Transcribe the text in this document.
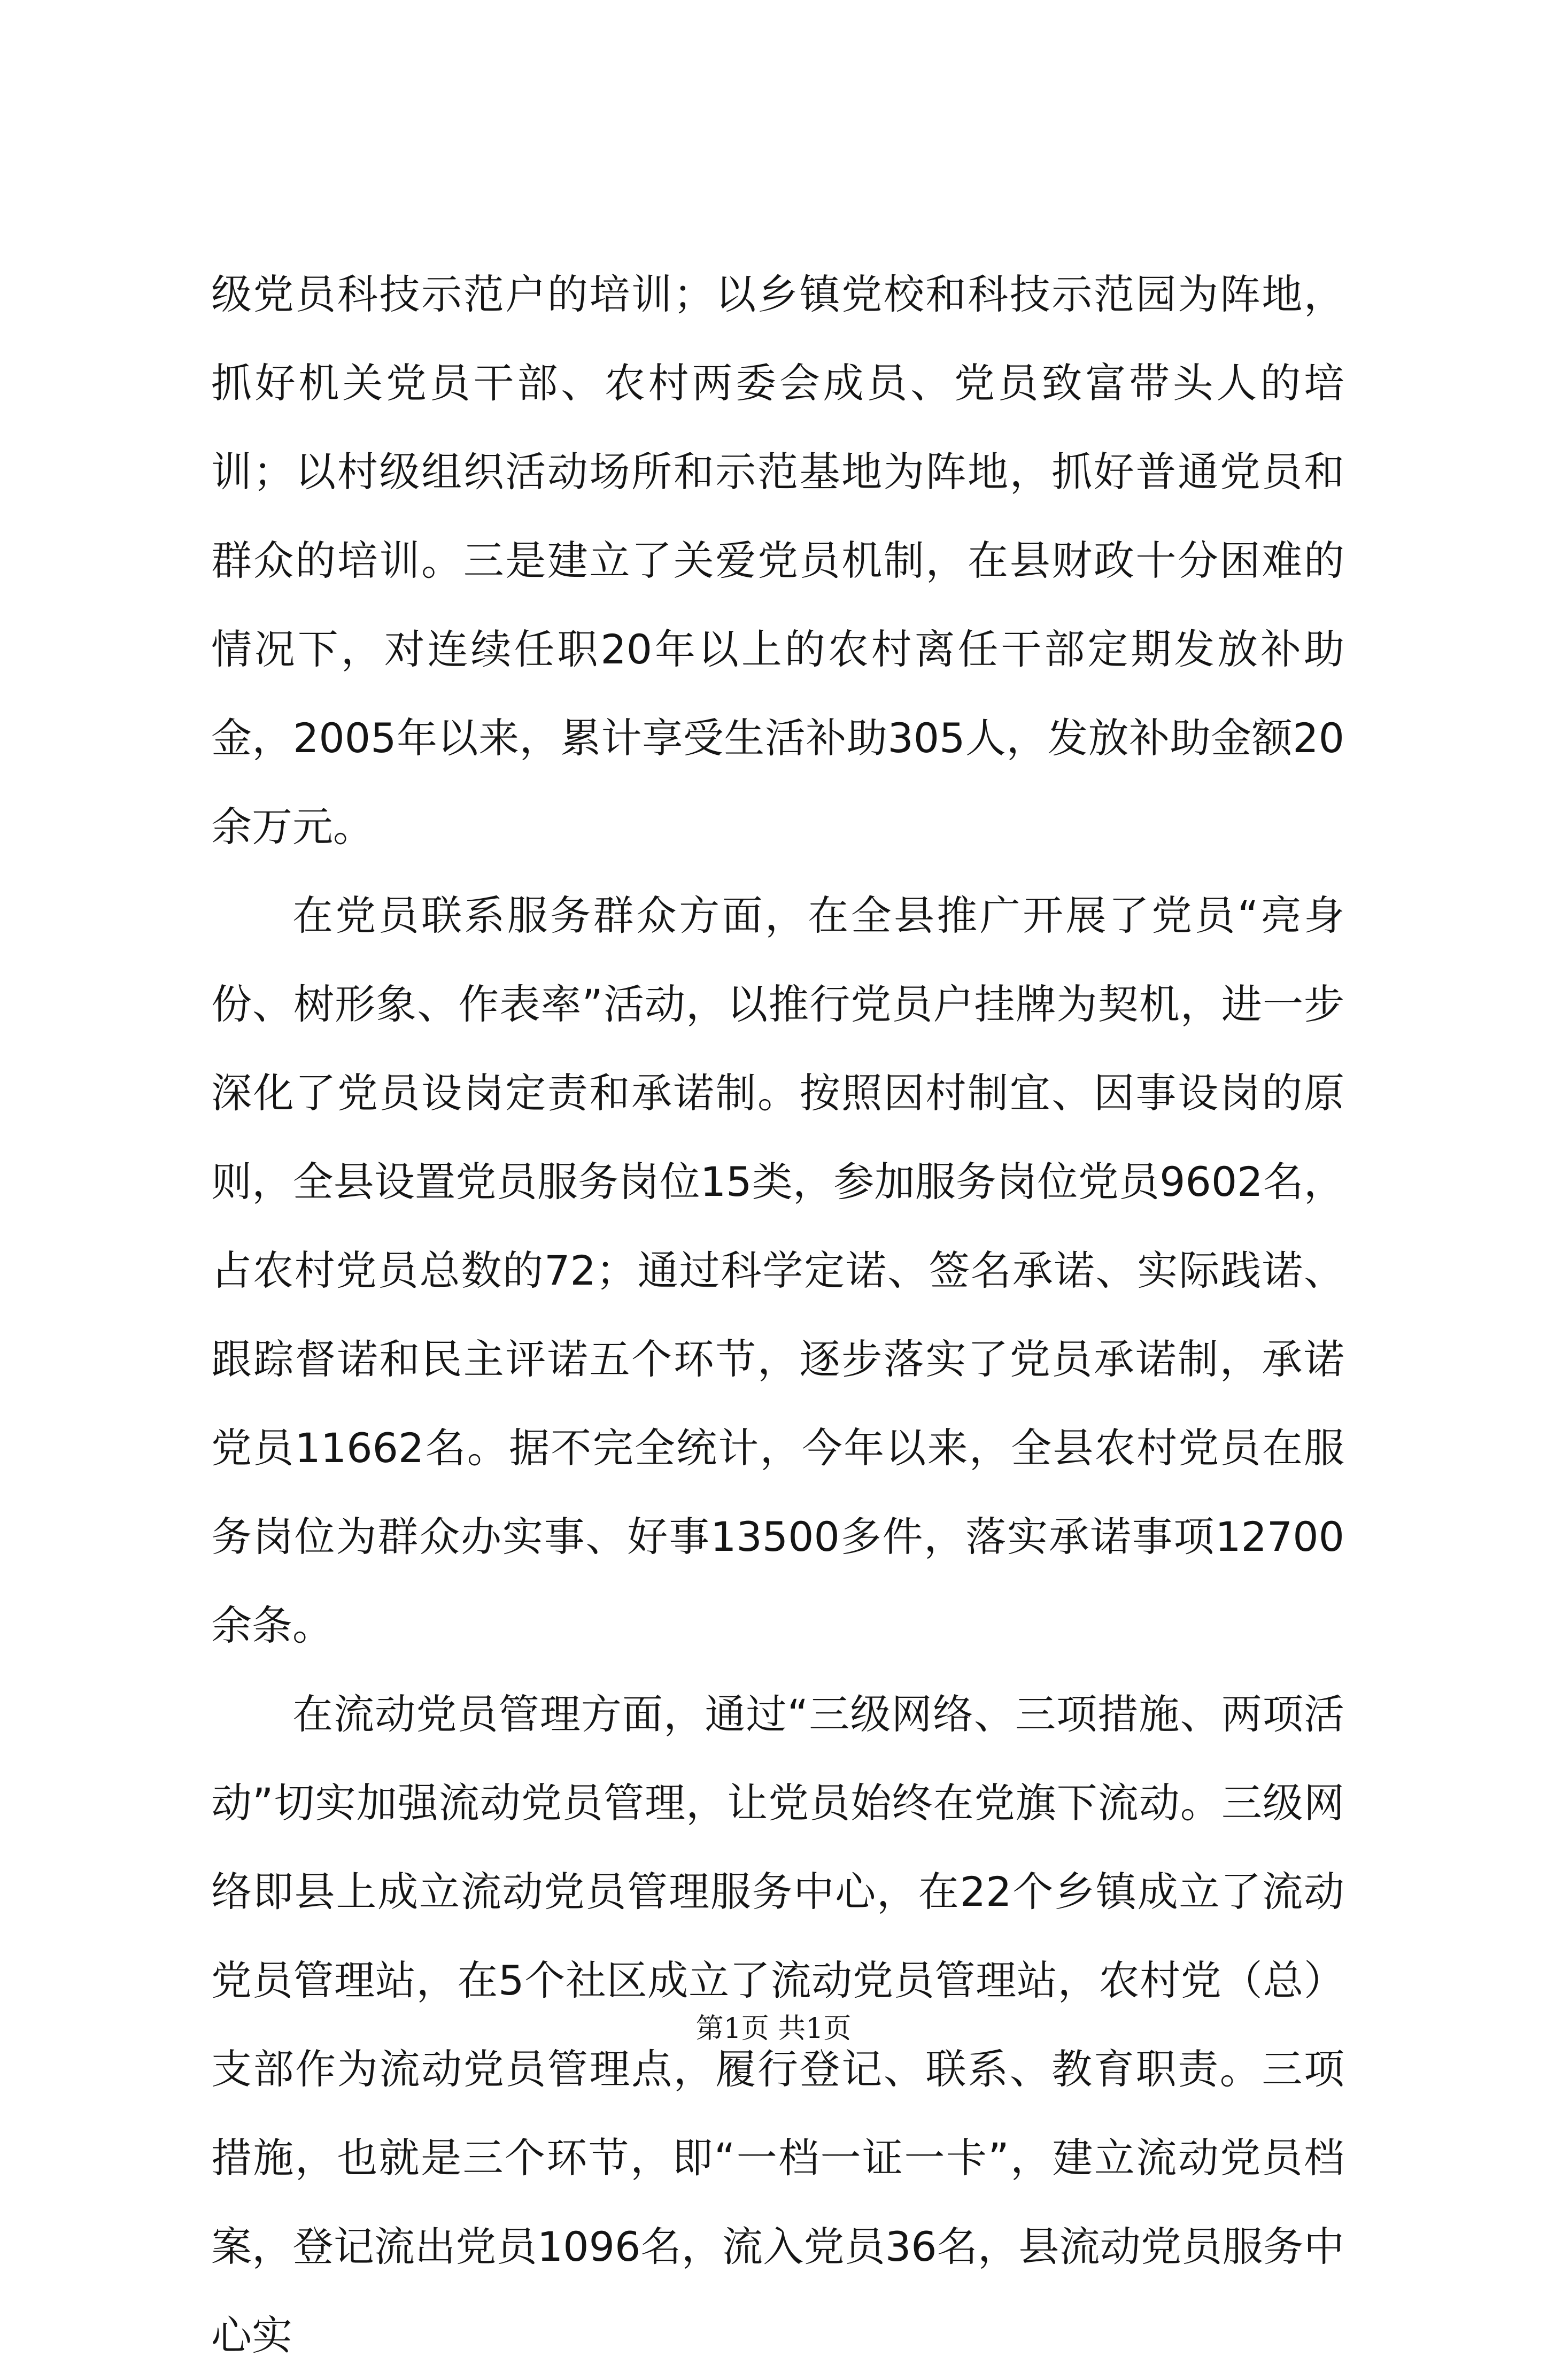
级党员科技示范户的培训；以乡镇党校和科技示范园为阵地，抓好机关党员干部、农村两委会成员、党员致富带头人的培训；以村级组织活动场所和示范基地为阵地，抓好普通党员和群众的培训。三是建立了关爱党员机制，在县财政十分困难的情况下，对连续任职20年以上的农村离任干部定期发放补助金，2005年以来，累计享受生活补助305人，发放补助金额20余万元。

在党员联系服务群众方面，在全县推广开展了党员“亮身份、树形象、作表率”活动，以推行党员户挂牌为契机，进一步深化了党员设岗定责和承诺制。按照因村制宜、因事设岗的原则，全县设置党员服务岗位15类，参加服务岗位党员9602名，占农村党员总数的72；通过科学定诺、签名承诺、实际践诺、跟踪督诺和民主评诺五个环节，逐步落实了党员承诺制，承诺党员11662名。据不完全统计，今年以来，全县农村党员在服务岗位为群众办实事、好事13500多件，落实承诺事项12700余条。

在流动党员管理方面，通过“三级网络、三项措施、两项活动”切实加强流动党员管理，让党员始终在党旗下流动。三级网络即县上成立流动党员管理服务中心，在22个乡镇成立了流动党员管理站，在5个社区成立了流动党员管理站，农村党（总）支部作为流动党员管理点，履行登记、联系、教育职责。三项措施，也就是三个环节，即“一档一证一卡”，建立流动党员档案，登记流出党员1096名，流入党员36名，县流动党员服务中心实

第1页 共1页
